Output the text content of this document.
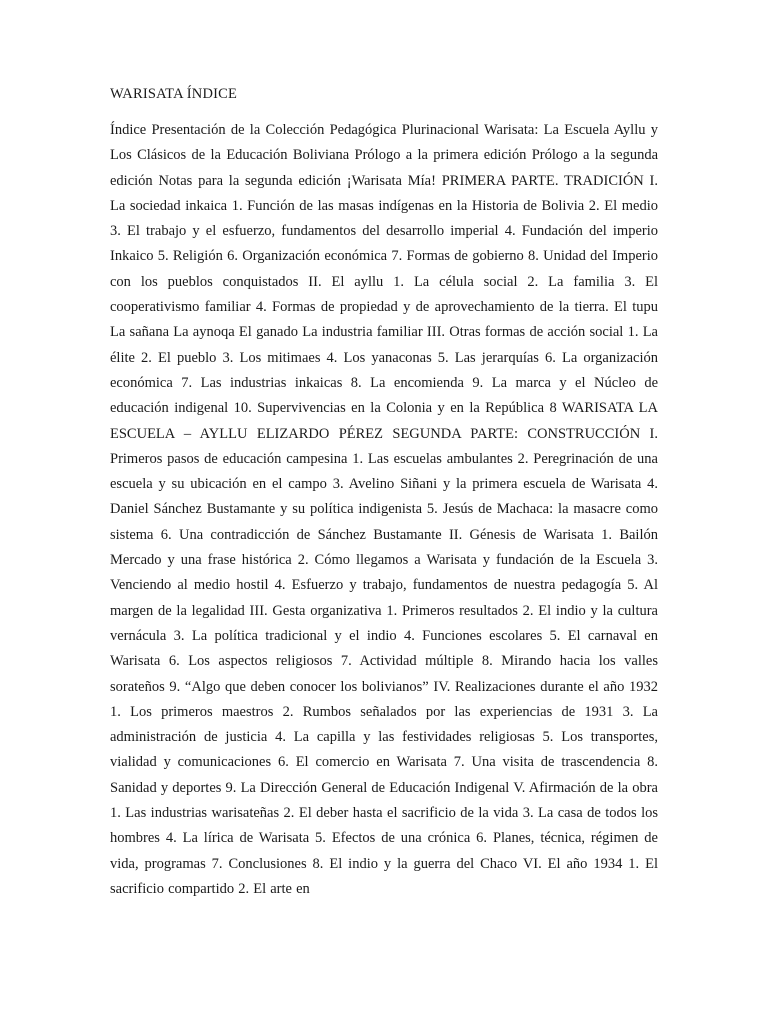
WARISATA ÍNDICE

Índice Presentación de la Colección Pedagógica Plurinacional Warisata: La Escuela Ayllu y Los Clásicos de la Educación Boliviana Prólogo a la primera edición Prólogo a la segunda edición Notas para la segunda edición ¡Warisata Mía! PRIMERA PARTE. TRADICIÓN I. La sociedad inkaica 1. Función de las masas indígenas en la Historia de Bolivia 2. El medio 3. El trabajo y el esfuerzo, fundamentos del desarrollo imperial 4. Fundación del imperio Inkaico 5. Religión 6. Organización económica 7. Formas de gobierno 8. Unidad del Imperio con los pueblos conquistados II. El ayllu 1. La célula social 2. La familia 3. El cooperativismo familiar 4. Formas de propiedad y de aprovechamiento de la tierra. El tupu La sañana La aynoqa El ganado La industria familiar III. Otras formas de acción social 1. La élite 2. El pueblo 3. Los mitimaes 4. Los yanaconas 5. Las jerarquías 6. La organización económica 7. Las industrias inkaicas 8. La encomienda 9. La marca y el Núcleo de educación indigenal 10. Supervivencias en la Colonia y en la República 8 WARISATA LA ESCUELA – AYLLU ELIZARDO PÉREZ SEGUNDA PARTE: CONSTRUCCIÓN I. Primeros pasos de educación campesina 1. Las escuelas ambulantes 2. Peregrinación de una escuela y su ubicación en el campo 3. Avelino Siñani y la primera escuela de Warisata 4. Daniel Sánchez Bustamante y su política indigenista 5. Jesús de Machaca: la masacre como sistema 6. Una contradicción de Sánchez Bustamante II. Génesis de Warisata 1. Bailón Mercado y una frase histórica 2. Cómo llegamos a Warisata y fundación de la Escuela 3. Venciendo al medio hostil 4. Esfuerzo y trabajo, fundamentos de nuestra pedagogía 5. Al margen de la legalidad III. Gesta organizativa 1. Primeros resultados 2. El indio y la cultura vernácula 3. La política tradicional y el indio 4. Funciones escolares 5. El carnaval en Warisata 6. Los aspectos religiosos 7. Actividad múltiple 8. Mirando hacia los valles sorateños 9. “Algo que deben conocer los bolivianos” IV. Realizaciones durante el año 1932 1. Los primeros maestros 2. Rumbos señalados por las experiencias de 1931 3. La administración de justicia 4. La capilla y las festividades religiosas 5. Los transportes, vialidad y comunicaciones 6. El comercio en Warisata 7. Una visita de trascendencia 8. Sanidad y deportes 9. La Dirección General de Educación Indigenal V. Afirmación de la obra 1. Las industrias warisateñas 2. El deber hasta el sacrificio de la vida 3. La casa de todos los hombres 4. La lírica de Warisata 5. Efectos de una crónica 6. Planes, técnica, régimen de vida, programas 7. Conclusiones 8. El indio y la guerra del Chaco VI. El año 1934 1. El sacrificio compartido 2. El arte en
